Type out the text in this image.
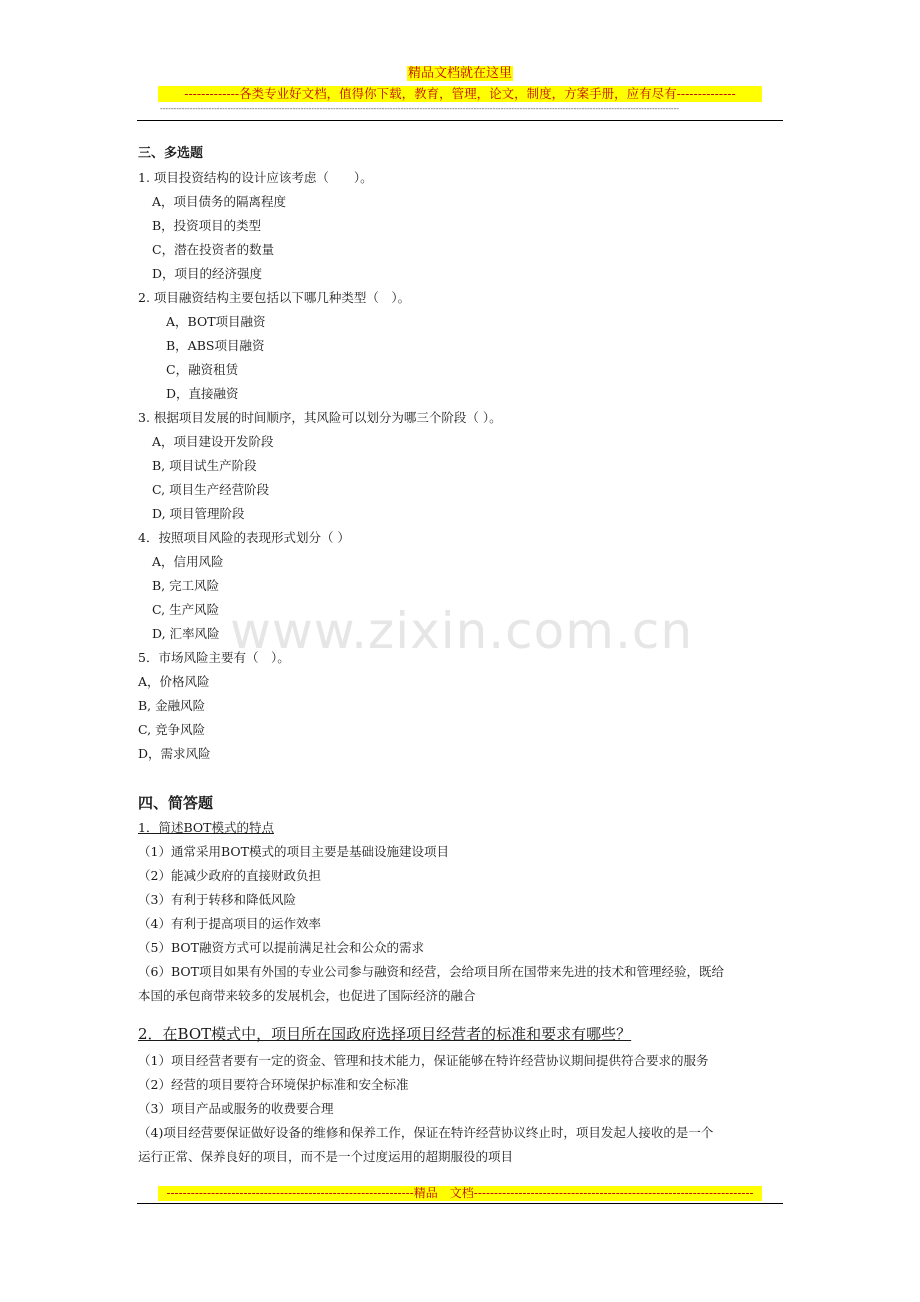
精品文档就在这里
-------------各类专业好文档，值得你下载，教育，管理，论文，制度，方案手册，应有尽有--------------
------------------------------------------------------------------------------------------------------------------------------------------------------------------------------------------------
www.zixin.com.cn
三、多选题
1. 项目投资结构的设计应该考虑（　　）。
A，项目债务的隔离程度
B，投资项目的类型
C，潜在投资者的数量
D，项目的经济强度
2. 项目融资结构主要包括以下哪几种类型（　）。
A，BOT项目融资
B，ABS项目融资
C，融资租赁
D，直接融资
3. 根据项目发展的时间顺序，其风险可以划分为哪三个阶段（ ）。
A，项目建设开发阶段
B, 项目试生产阶段
C, 项目生产经营阶段
D, 项目管理阶段
4．按照项目风险的表现形式划分（ ）
A，信用风险
B, 完工风险
C, 生产风险
D, 汇率风险
5．市场风险主要有（　）。
A，价格风险
B, 金融风险
C, 竞争风险
D，需求风险
四、简答题
1．简述BOT模式的特点
（1）通常采用BOT模式的项目主要是基础设施建设项目
（2）能减少政府的直接财政负担
（3）有利于转移和降低风险
（4）有利于提高项目的运作效率
（5）BOT融资方式可以提前满足社会和公众的需求
（6）BOT项目如果有外国的专业公司参与融资和经营，会给项目所在国带来先进的技术和管理经验，既给
本国的承包商带来较多的发展机会，也促进了国际经济的融合
2．在BOT模式中，项目所在国政府选择项目经营者的标准和要求有哪些？
（1）项目经营者要有一定的资金、管理和技术能力，保证能够在特许经营协议期间提供符合要求的服务
（2）经营的项目要符合环境保护标准和安全标准
（3）项目产品或服务的收费要合理
（4)项目经营要保证做好设备的维修和保养工作，保证在特许经营协议终止时，项目发起人接收的是一个
运行正常、保养良好的项目，而不是一个过度运用的超期服役的项目
-------------------------------------------------------------精品　文档---------------------------------------------------------------------
